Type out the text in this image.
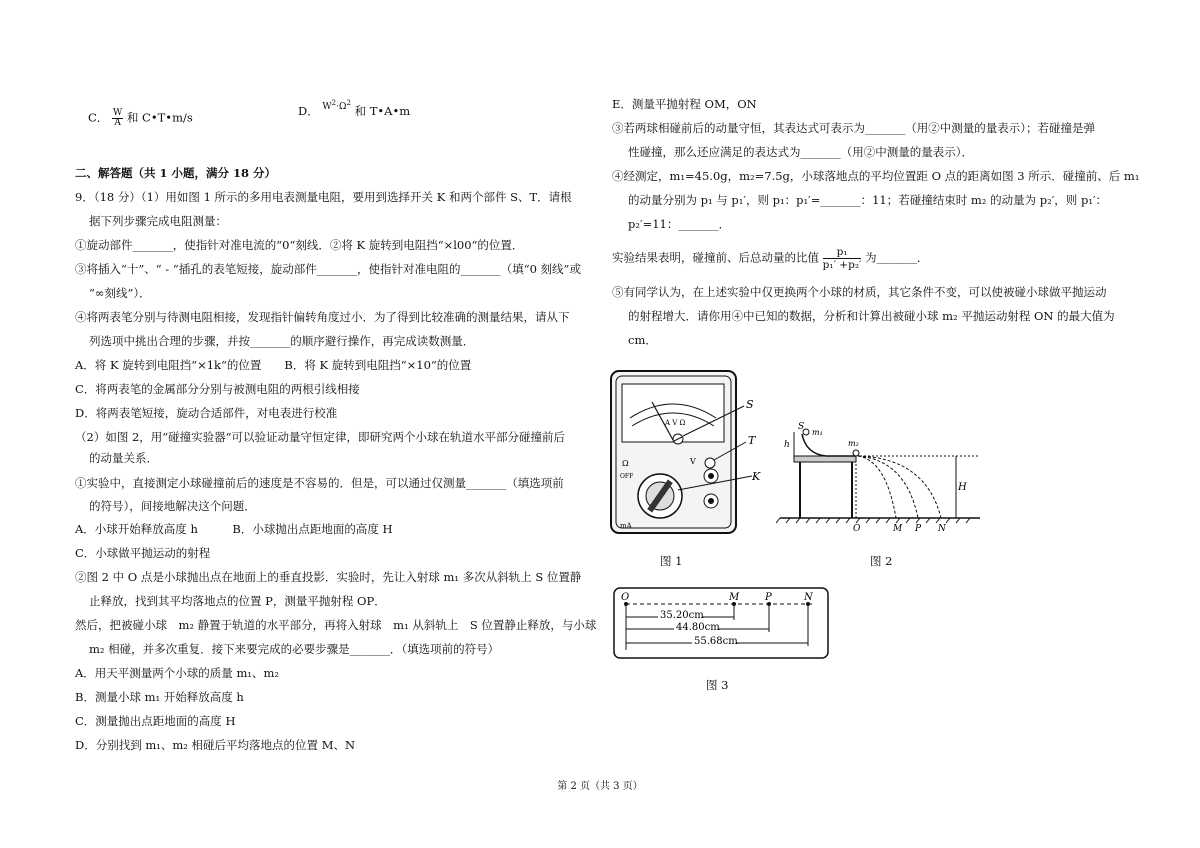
C． $\frac{W}{A}$ 和 C•T•m/s	D． $^{W^2\cdot\Omega^2}$ 和 T•A•m
二、解答题（共 1 小题，满分 18 分）
9．（18 分）（1）用如图 1 所示的多用电表测量电阻，要用到选择开关 K 和两个部件 S、T．请根
据下列步骤完成电阻测量：
①旋动部件_______，使指针对准电流的“0“刻线．②将 K 旋转到电阻挡“×l00“的位置．
③将插入“十”、“ - “插孔的表笔短接，旋动部件_______，使指针对准电阻的_______（填“0 刻线”或
“∞刻线”）．
④将两表笔分别与待测电阻相接，发现指针偏转角度过小．为了得到比较准确的测量结果，请从下
列选项中挑出合理的步骤，并按_______的顺序避行操作，再完成读数测量．
A．将 K 旋转到电阻挡“×1k“的位置　　B．将 K 旋转到电阻挡“×10“的位置
C．将两表笔的金属部分分别与被测电阻的两根引线相接
D．将两表笔短接，旋动合适部件，对电表进行校准
（2）如图 2，用“碰撞实验器“可以验证动量守恒定律，即研究两个小球在轨道水平部分碰撞前后
的动量关系．
①实验中，直接测定小球碰撞前后的速度是不容易的．但是，可以通过仅测量_______（填选项前
的符号），间接地解决这个问题．
A．小球开始释放高度 h　　　B．小球抛出点距地面的高度 H
C．小球做平抛运动的射程
②图 2 中 O 点是小球抛出点在地面上的垂直投影．实验时，先让入射球 m₁ 多次从斜轨上 S 位置静
止释放，找到其平均落地点的位置 P，测量平抛射程 OP．
然后，把被碰小球　m₂ 静置于轨道的水平部分，再将入射球　m₁ 从斜轨上　S 位置静止释放，与小球
m₂ 相碰，并多次重复．接下来要完成的必要步骤是_______．（填选项前的符号）
A．用天平测量两个小球的质量 m₁、m₂
B．测量小球 m₁ 开始释放高度 h
C．测量抛出点距地面的高度 H
D．分别找到 m₁、m₂ 相碰后平均落地点的位置 M、N
E．测量平抛射程 OM，ON
③若两球相碰前后的动量守恒，其表达式可表示为_______（用②中测量的量表示）；若碰撞是弹
性碰撞，那么还应满足的表达式为_______（用②中测量的量表示）．
④经测定，m₁=45.0g，m₂=7.5g，小球落地点的平均位置距 O 点的距离如图 3 所示．碰撞前、后 m₁
的动量分别为 p₁ 与 p₁′，则 p₁：p₁′=_______：11；若碰撞结束时 m₂ 的动量为 p₂′，则 p₁′：
p₂′=11：_______．
实验结果表明，碰撞前、后总动量的比值 $\frac{\text{p₁}}{\text{p₁′ +p₂′}}$ 为_______．
⑤有同学认为，在上述实验中仅更换两个小球的材质，其它条件不变，可以使被碰小球做平抛运动
的射程增大．请你用④中已知的数据，分析和计算出被碰小球 m₂ 平抛运动射程 ON 的最大值为
cm．
A V Ω
S
Ω	V
OFF
mA
T
K
图 1
S
m₁
m₂
h
H
O	M P N
图 2
O	M	P	N
35.20cm
44.80cm
55.68cm
图 3
第 2 页（共 3 页）
